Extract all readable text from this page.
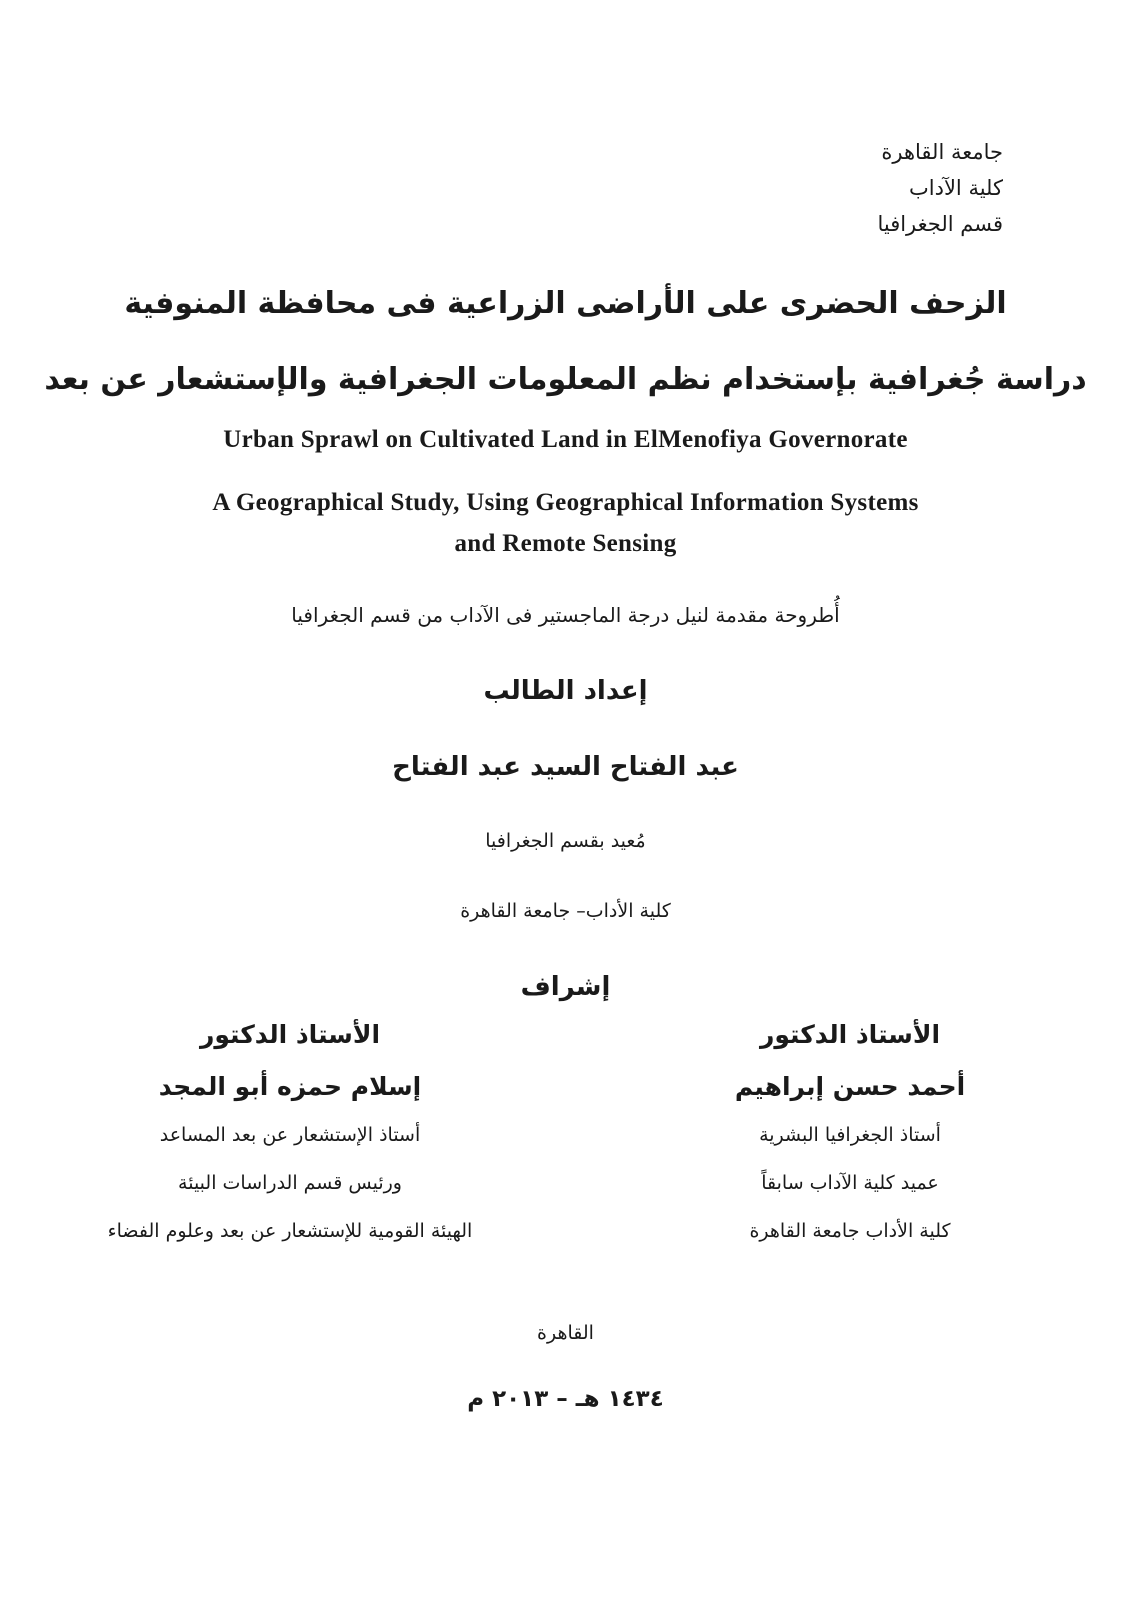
جامعة القاهرة
كلية الآداب
قسم الجغرافيا
الزحف الحضرى على الأراضى الزراعية فى محافظة المنوفية
دراسة جُغرافية بإستخدام نظم المعلومات الجغرافية والإستشعار عن بعد
Urban Sprawl on Cultivated Land in ElMenofiya Governorate
A Geographical Study, Using Geographical Information Systems
and Remote Sensing
أُطروحة مقدمة لنيل درجة الماجستير فى الآداب من قسم الجغرافيا
إعداد الطالب
عبد الفتاح السيد عبد الفتاح
مُعيد بقسم الجغرافيا
كلية الأداب– جامعة القاهرة
إشراف
الأستاذ الدكتور
أحمد حسن إبراهيم
أستاذ الجغرافيا البشرية
عميد كلية الآداب سابقاً
كلية الأداب جامعة القاهرة
الأستاذ الدكتور
إسلام حمزه أبو المجد
أستاذ الإستشعار عن بعد المساعد
ورئيس قسم الدراسات البيئة
الهيئة القومية للإستشعار عن بعد وعلوم الفضاء
القاهرة
١٤٣٤ هـ – ٢٠١٣ م
